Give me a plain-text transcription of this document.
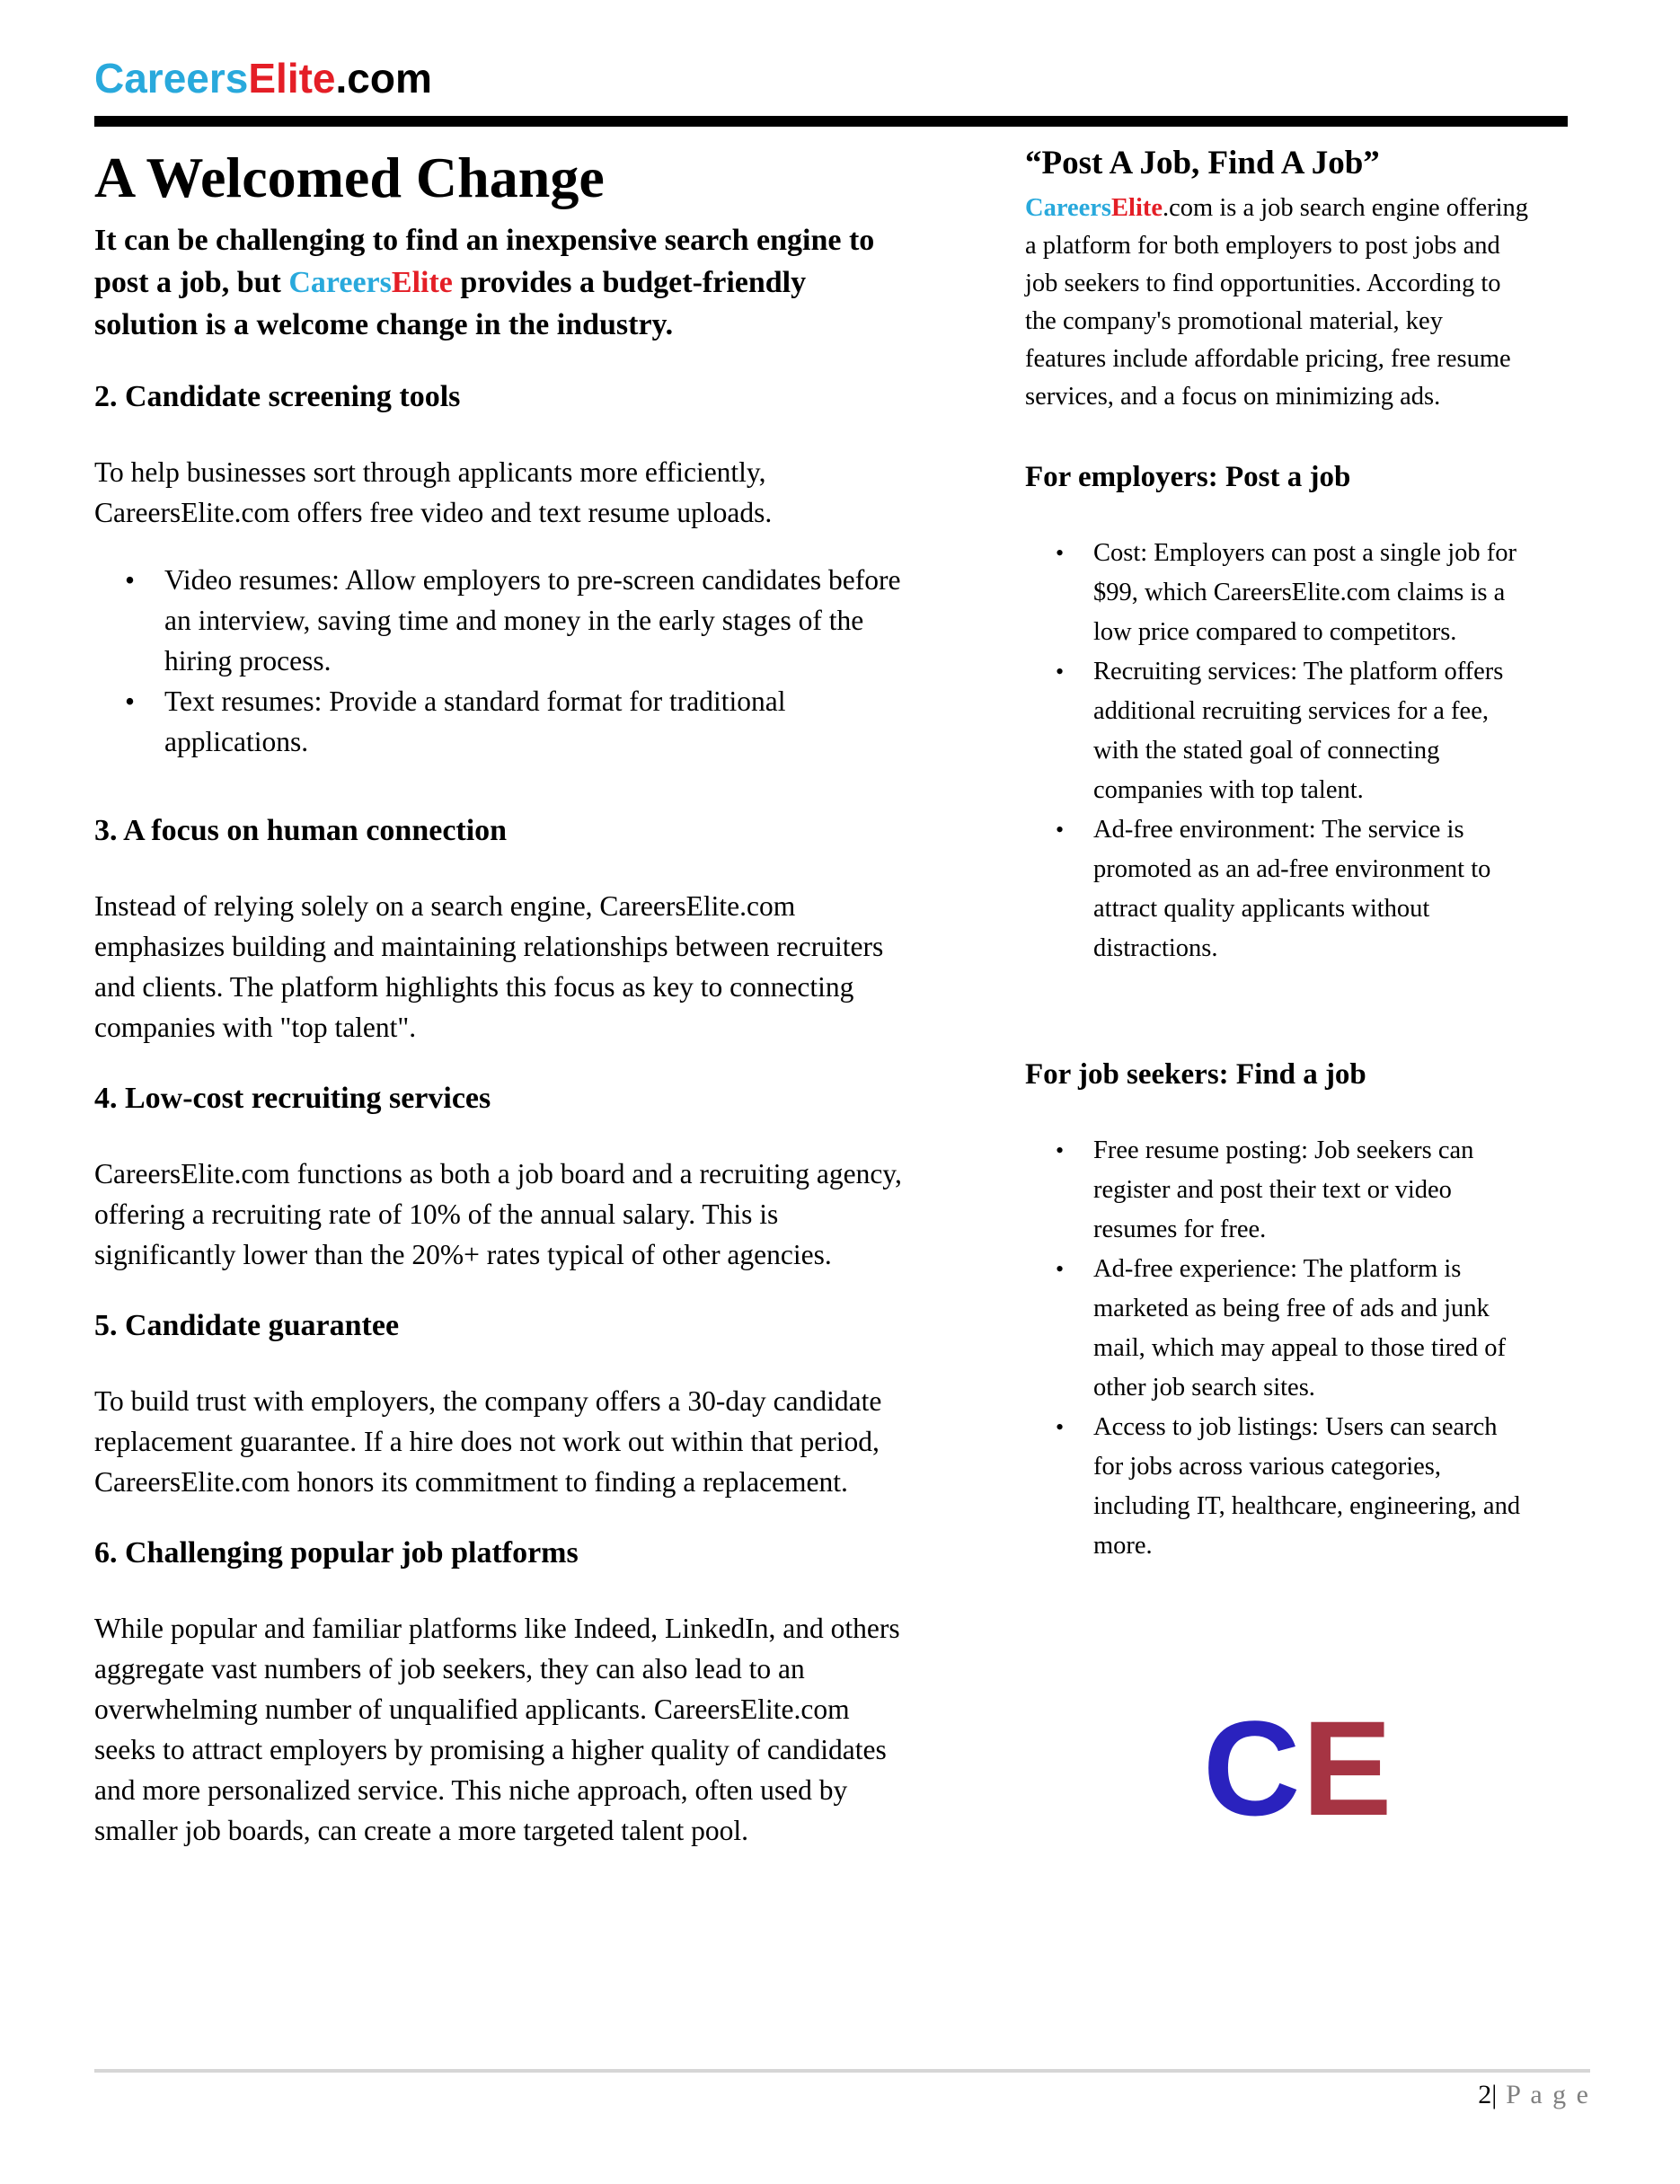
CareersElite.com
A Welcomed Change

It can be challenging to find an inexpensive search engine to post a job, but CareersElite provides a budget-friendly solution is a welcome change in the industry.

2. Candidate screening tools

To help businesses sort through applicants more efficiently, CareersElite.com offers free video and text resume uploads.

• Video resumes: Allow employers to pre-screen candidates before an interview, saving time and money in the early stages of the hiring process.
• Text resumes: Provide a standard format for traditional applications.
3. A focus on human connection

Instead of relying solely on a search engine, CareersElite.com emphasizes building and maintaining relationships between recruiters and clients. The platform highlights this focus as key to connecting companies with "top talent".

4. Low-cost recruiting services

CareersElite.com functions as both a job board and a recruiting agency, offering a recruiting rate of 10% of the annual salary. This is significantly lower than the 20%+ rates typical of other agencies.

5. Candidate guarantee

To build trust with employers, the company offers a 30-day candidate replacement guarantee. If a hire does not work out within that period, CareersElite.com honors its commitment to finding a replacement.

6. Challenging popular job platforms

While popular and familiar platforms like Indeed, LinkedIn, and others aggregate vast numbers of job seekers, they can also lead to an overwhelming number of unqualified applicants. CareersElite.com seeks to attract employers by promising a higher quality of candidates and more personalized service. This niche approach, often used by smaller job boards, can create a more targeted talent pool.

“Post A Job, Find A Job”

CareersElite.com is a job search engine offering a platform for both employers to post jobs and job seekers to find opportunities. According to the company's promotional material, key features include affordable pricing, free resume services, and a focus on minimizing ads.

For employers: Post a job
• Cost: Employers can post a single job for $99, which CareersElite.com claims is a low price compared to competitors.
• Recruiting services: The platform offers additional recruiting services for a fee, with the stated goal of connecting companies with top talent.
• Ad-free environment: The service is promoted as an ad-free environment to attract quality applicants without distractions.
For job seekers: Find a job
• Free resume posting: Job seekers can register and post their text or video resumes for free.
• Ad-free experience: The platform is marketed as being free of ads and junk mail, which may appeal to those tired of other job search sites.
• Access to job listings: Users can search for jobs across various categories, including IT, healthcare, engineering, and more.
CE
2| P a g e
